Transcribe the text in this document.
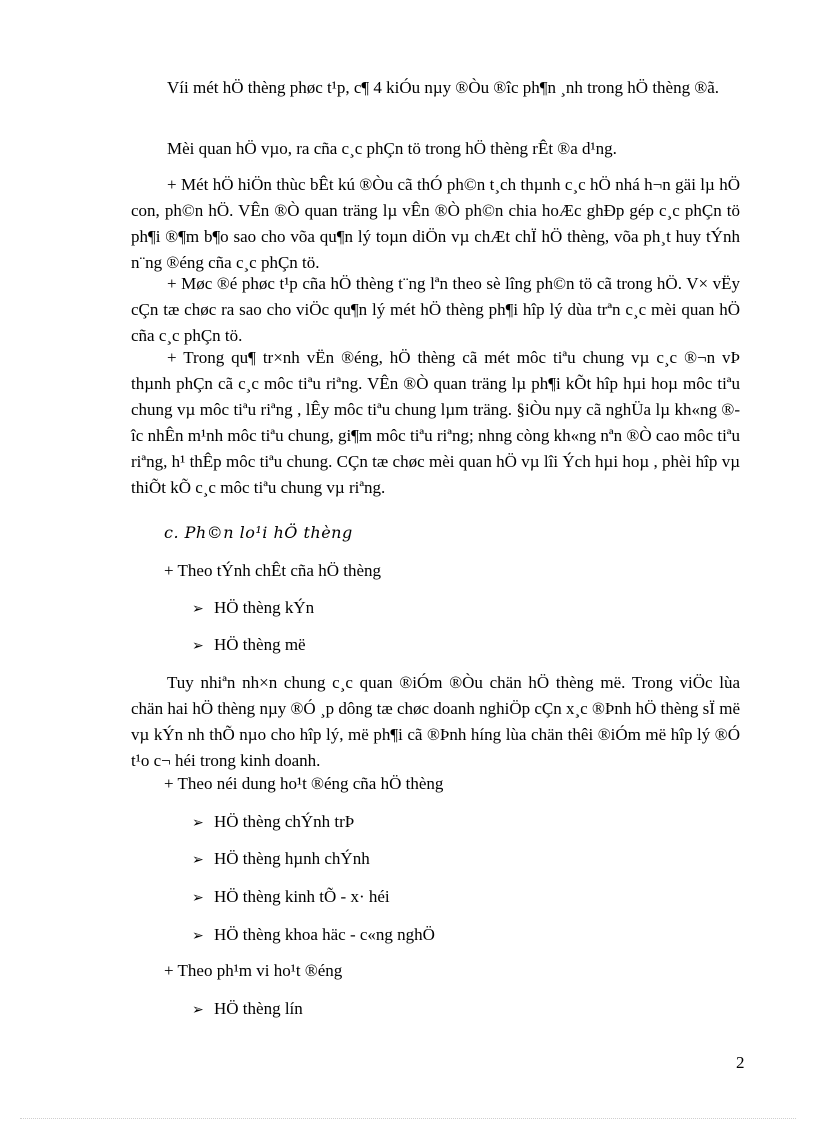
Víi mét hÖ thèng phøc t¹p, c¶ 4 kiÓu nµy ®Òu ®îc ph¶n ¸nh trong hÖ thèng ®ã.
Mèi quan hÖ vµo, ra cña c¸c phÇn tö trong hÖ thèng rÊt ®a d¹ng.
+ Mét hÖ hiÖn thùc bÊt kú ®Òu cã thÓ ph©n t¸ch thµnh c¸c hÖ nhá h¬n gäi lµ hÖ con, ph©n hÖ. VÊn ®Ò quan träng lµ vÊn ®Ò ph©n chia hoÆc ghÐp gép c¸c phÇn tö ph¶i ®¶m b¶o sao cho võa qu¶n lý toµn diÖn vµ chÆt chÏ hÖ thèng, võa ph¸t huy tÝnh n¨ng ®éng cña c¸c phÇn tö.
+ Møc ®é phøc t¹p cña hÖ thèng t¨ng lªn theo sè lîng ph©n tö cã trong hÖ. V× vËy cÇn tæ chøc ra sao cho viÖc qu¶n lý mét hÖ thèng ph¶i hîp lý dùa trªn c¸c mèi quan hÖ cña c¸c phÇn tö.
+ Trong qu¶ tr×nh vËn ®éng, hÖ thèng cã mét môc tiªu chung vµ c¸c ®¬n vÞ thµnh phÇn cã c¸c môc tiªu riªng. VÊn ®Ò quan träng lµ ph¶i kÕt hîp hµi hoµ môc tiªu chung vµ môc tiªu riªng , lÊy môc tiªu chung lµm träng. §iÒu nµy cã nghÜa lµ kh«ng ®îc nhÊn m¹nh môc tiªu chung, gi¶m môc tiªu riªng; nhng còng kh«ng nªn ®Ò cao môc tiªu riªng, h¹ thÊp môc tiªu chung. CÇn tæ chøc mèi quan hÖ vµ lîi Ých hµi hoµ , phèi hîp vµ thiÕt kÕ c¸c môc tiªu chung vµ riªng.
c. Ph©n lo¹i hÖ thèng
+ Theo tÝnh chÊt cña hÖ thèng
➢ HÖ thèng kÝn
➢ HÖ thèng më
Tuy nhiªn nh×n chung c¸c quan ®iÓm ®Òu chän hÖ thèng më. Trong viÖc lùa chän hai hÖ thèng nµy ®Ó ¸p dông tæ chøc doanh nghiÖp cÇn x¸c ®Þnh hÖ thèng sÏ më vµ kÝn nh thÕ nµo cho hîp lý, më ph¶i cã ®Þnh híng lùa chän thêi ®iÓm më hîp lý ®Ó t¹o c¬ héi trong kinh doanh.
+ Theo néi dung ho¹t ®éng cña hÖ thèng
➢ HÖ thèng chÝnh trÞ
➢ HÖ thèng hµnh chÝnh
➢ HÖ thèng kinh tÕ - x· héi
➢ HÖ thèng khoa häc - c«ng nghÖ
+ Theo ph¹m vi ho¹t ®éng
➢ HÖ thèng lín
2
